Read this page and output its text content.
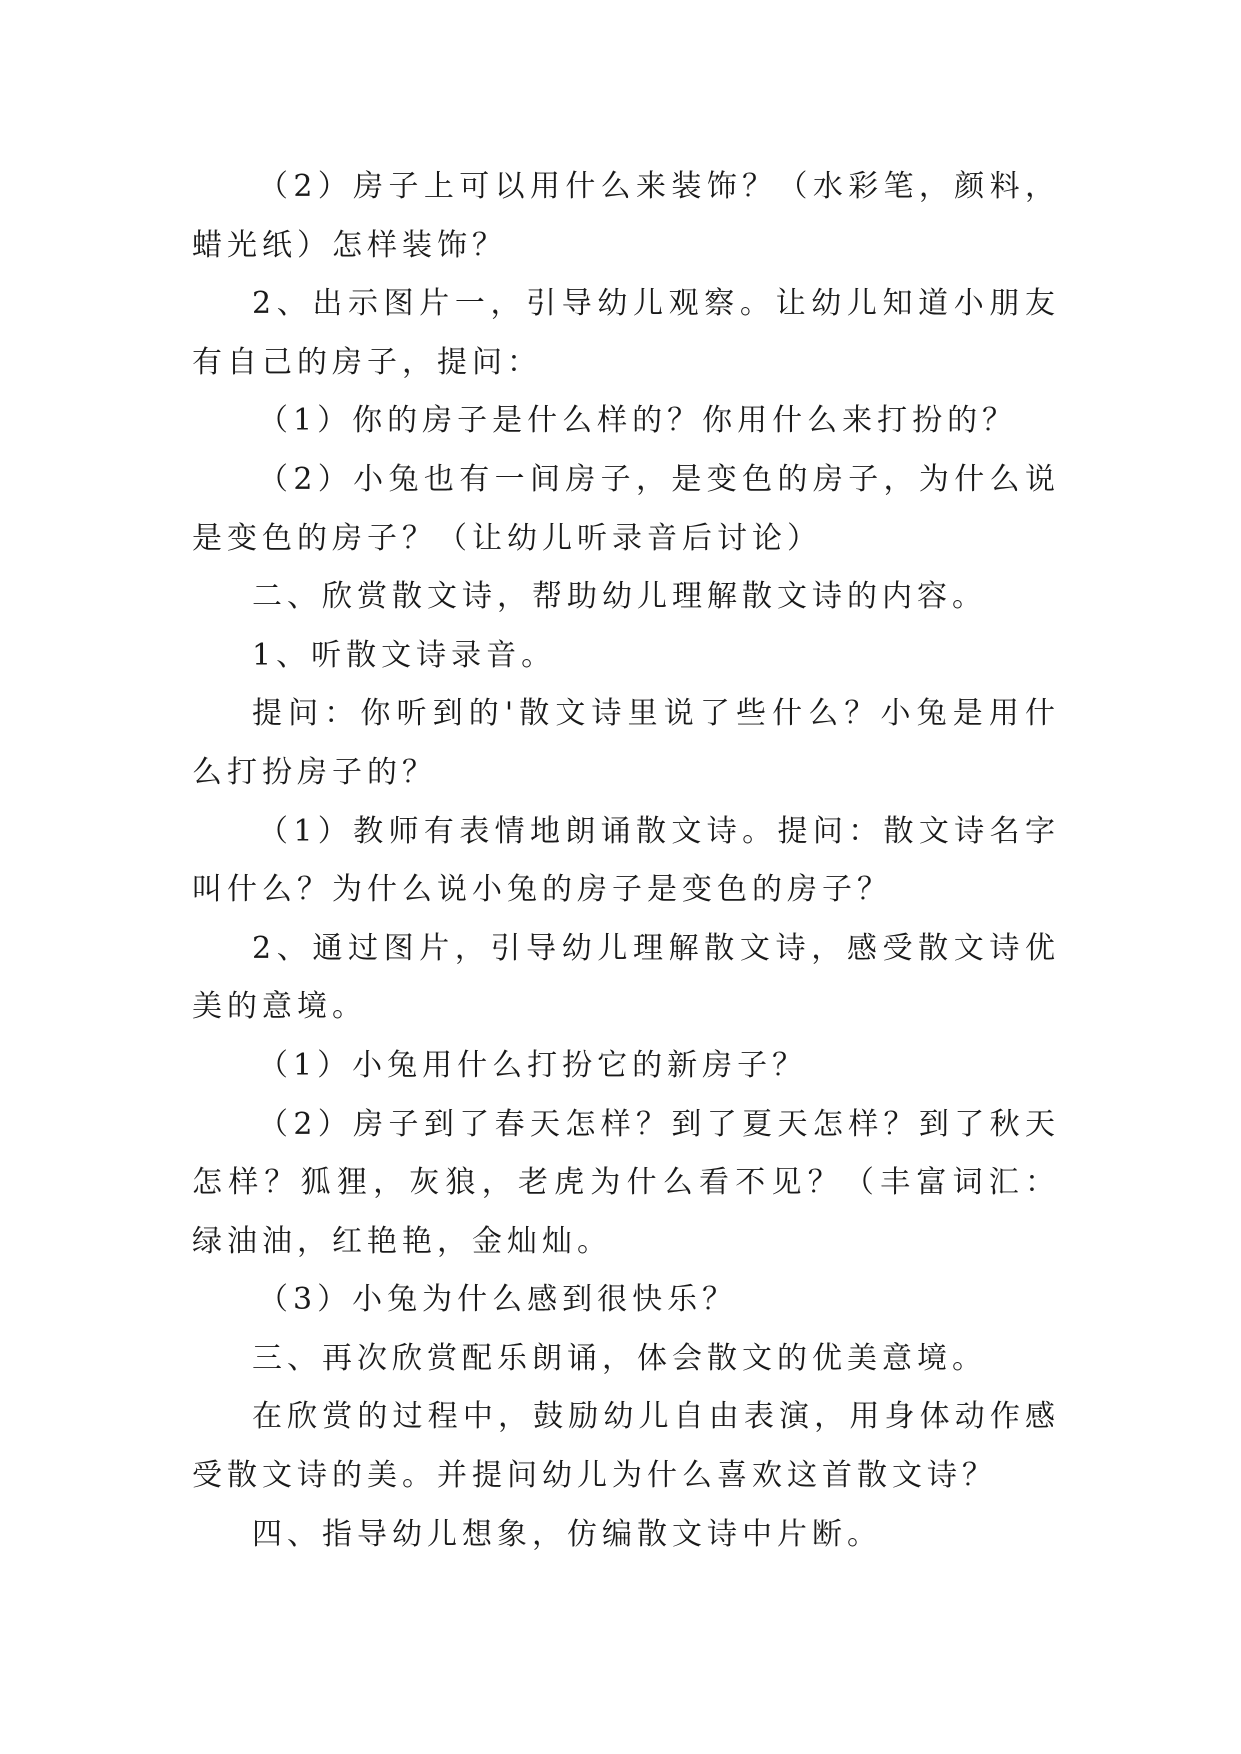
（2）房子上可以用什么来装饰？（水彩笔，颜料，蜡光纸）怎样装饰？

2、出示图片一，引导幼儿观察。让幼儿知道小朋友有自己的房子，提问：

（1）你的房子是什么样的？你用什么来打扮的？

（2）小兔也有一间房子，是变色的房子，为什么说是变色的房子？（让幼儿听录音后讨论）

二、欣赏散文诗，帮助幼儿理解散文诗的内容。

1、听散文诗录音。

提问：你听到的'散文诗里说了些什么？小兔是用什么打扮房子的？

（1）教师有表情地朗诵散文诗。提问：散文诗名字叫什么？为什么说小兔的房子是变色的房子？

2、通过图片，引导幼儿理解散文诗，感受散文诗优美的意境。

（1）小兔用什么打扮它的新房子？

（2）房子到了春天怎样？到了夏天怎样？到了秋天怎样？狐狸，灰狼，老虎为什么看不见？（丰富词汇：绿油油，红艳艳，金灿灿。

（3）小兔为什么感到很快乐？

三、再次欣赏配乐朗诵，体会散文的优美意境。

在欣赏的过程中，鼓励幼儿自由表演，用身体动作感受散文诗的美。并提问幼儿为什么喜欢这首散文诗？

四、指导幼儿想象，仿编散文诗中片断。
